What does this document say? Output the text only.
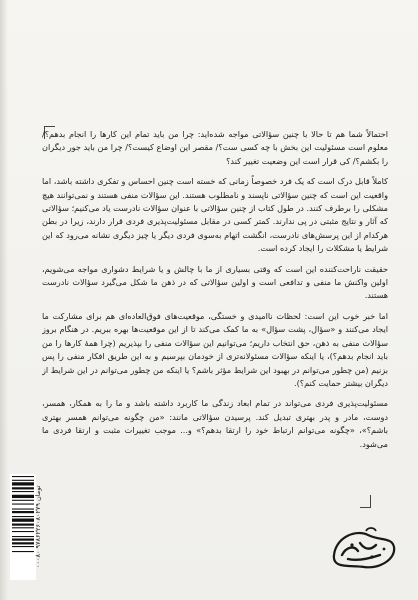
احتمالاً شما هم تا حالا با چنین سؤالاتی مواجه شده‌اید: چرا من باید تمام این کارها را انجام بدهم؟/ معلوم است مسئولیت این بخش با چه کسی ست؟/ مقصر این اوضاع کیست؟/ چرا من باید جور دیگران را بکشم؟/ کی قرار است این وضعیت تغییر کند؟

کاملاً قابل درک است که یک فرد خصوصاً زمانی که خسته است چنین احساس و تفکری داشته باشد، اما واقعیت این است که چنین سؤالاتی ناپسند و نامطلوب هستند. این سؤالات منفی هستند و نمی‌توانند هیچ مشکلی را برطرف کنند. در طول کتاب از چنین سؤالاتی با عنوان سؤالات نادرست یاد می‌کنیم؛ سؤالاتی که آثار و نتایج مثبتی در پی ندارند. کمتر کسی در مقابل مسئولیت‌پذیری فردی قرار دارند، زیرا در بطن هرکدام از این پرسش‌های نادرست، انگشت اتهام به‌سوی فردی دیگر یا چیز دیگری نشانه می‌رود که این شرایط یا مشکلات را ایجاد کرده است.

حقیقت ناراحت‌کننده این است که وقتی بسیاری از ما با چالش و یا شرایط دشواری مواجه می‌شویم، اولین واکنش ما منفی و تدافعی است و اولین سؤالاتی که در ذهن ما شکل می‌گیرد سؤالات نادرست هستند.

اما خبر خوب این است: لحظات ناامیدی و خستگی، موقعیت‌های فوق‌العاده‌ای هم برای مشارکت ما ایجاد می‌کنند و «سؤال، پشت سؤال» به ما کمک می‌کند تا از این موقعیت‌ها بهره ببریم. در هنگام بروز سؤالات منفی به ذهن، حق انتخاب داریم؛ می‌توانیم این سؤالات منفی را بپذیریم (چرا همهٔ کارها را من باید انجام بدهم؟)، یا اینکه سؤالات مسئولانه‌تری از خودمان بپرسیم و به این طریق افکار منفی را پس بزنیم (من چطور می‌توانم در بهبود این شرایط مؤثر باشم؟ یا اینکه من چطور می‌توانم در این شرایط از دیگران بیشتر حمایت کنم؟).

مسئولیت‌پذیری فردی می‌تواند در تمام ابعاد زندگی ما کاربرد داشته باشد و ما را به همکار، همسر، دوست، مادر و پدر بهتری تبدیل کند. پرسیدن سؤالاتی مانند: «من چگونه می‌توانم همسر بهتری باشم؟»، «چگونه می‌توانم ارتباط خود را ارتقا بدهم؟» و... موجب تغییرات مثبت و ارتقا فردی ما می‌شود.

۰۰۰۸۰ تومان ۹۷۸۶۲۲۶۰۸۰۲۷۹
